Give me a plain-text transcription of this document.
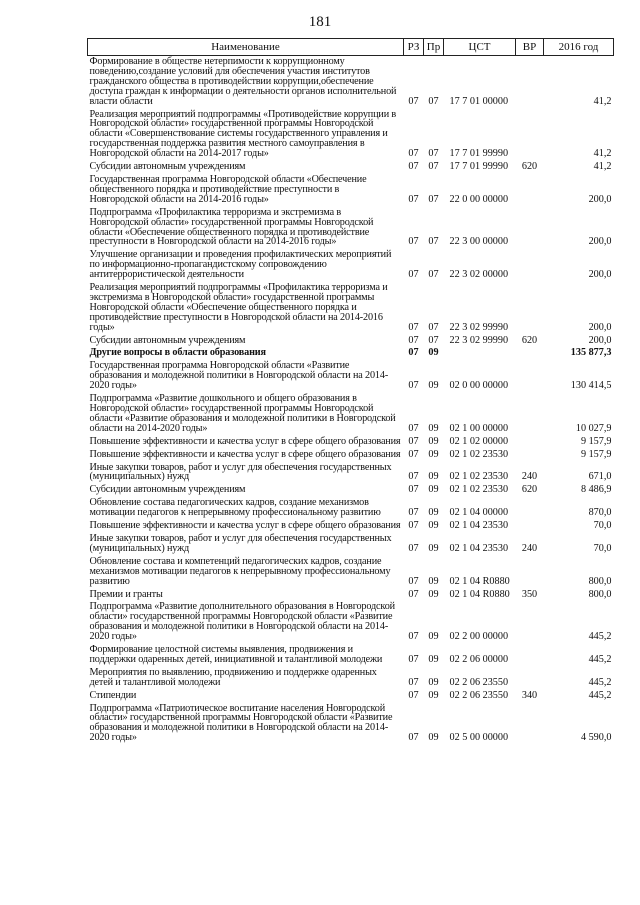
181
Наименование	РЗ	Пр	ЦСТ	ВР	2016 год
Формирование в обществе нетерпимости к коррупционному поведению,создание условий для обеспечения участия институтов гражданского общества в противодействии коррупции,обеспечение доступа граждан к информации о деятельности органов исполнительной власти области	07	07	17 7 01 00000		41,2
Реализация мероприятий подпрограммы «Противодействие коррупции в Новгородской области» государственной программы Новгородской области «Совершенствование системы государственного управления и государственная поддержка развития местного самоуправления в Новгородской области на 2014-2017 годы»	07	07	17 7 01 99990		41,2
Субсидии автономным учреждениям	07	07	17 7 01 99990	620	41,2
Государственная программа Новгородской области «Обеспечение общественного порядка и противодействие преступности в Новгородской области на 2014-2016 годы»	07	07	22 0 00 00000		200,0
Подпрограмма «Профилактика терроризма и экстремизма в Новгородской области» государственной программы Новгородской области «Обеспечение общественного порядка и противодействие преступности в Новгородской области на 2014-2016 годы»	07	07	22 3 00 00000		200,0
Улучшение организации и проведения профилактических мероприятий по информационно-пропагандистскому сопровождению антитеррористической деятельности	07	07	22 3 02 00000		200,0
Реализация мероприятий подпрограммы «Профилактика терроризма и экстремизма в Новгородской области» государственной программы Новгородской области «Обеспечение общественного порядка и противодействие преступности в Новгородской области на 2014-2016 годы»	07	07	22 3 02 99990		200,0
Субсидии автономным учреждениям	07	07	22 3 02 99990	620	200,0
Другие вопросы в области образования	07	09			135 877,3
Государственная программа Новгородской области «Развитие образования и молодежной политики в Новгородской области на 2014-2020 годы»	07	09	02 0 00 00000		130 414,5
Подпрограмма «Развитие дошкольного и общего образования в Новгородской области» государственной программы Новгородской области «Развитие образования и молодежной политики в Новгородской области на 2014-2020 годы»	07	09	02 1 00 00000		10 027,9
Повышение эффективности и качества услуг в сфере общего образования	07	09	02 1 02 00000		9 157,9
Повышение эффективности и качества услуг в сфере общего образования	07	09	02 1 02 23530		9 157,9
Иные закупки товаров, работ и услуг для обеспечения государственных (муниципальных) нужд	07	09	02 1 02 23530	240	671,0
Субсидии автономным учреждениям	07	09	02 1 02 23530	620	8 486,9
Обновление состава педагогических кадров, создание механизмов мотивации педагогов к непрерывному профессиональному развитию	07	09	02 1 04 00000		870,0
Повышение эффективности и качества услуг в сфере общего образования	07	09	02 1 04 23530		70,0
Иные закупки товаров, работ и услуг для обеспечения государственных (муниципальных) нужд	07	09	02 1 04 23530	240	70,0
Обновление состава и компетенций педагогических кадров, создание механизмов мотивации педагогов к непрерывному профессиональному развитию	07	09	02 1 04 R0880		800,0
Премии и гранты	07	09	02 1 04 R0880	350	800,0
Подпрограмма «Развитие дополнительного образования в Новгородской области» государственной программы Новгородской области «Развитие образования и молодежной политики в Новгородской области на 2014-2020 годы»	07	09	02 2 00 00000		445,2
Формирование целостной системы выявления, продвижения и поддержки одаренных детей, инициативной и талантливой молодежи	07	09	02 2 06 00000		445,2
Мероприятия по выявлению, продвижению и поддержке одаренных детей и талантливой молодежи	07	09	02 2 06 23550		445,2
Стипендии	07	09	02 2 06 23550	340	445,2
Подпрограмма «Патриотическое воспитание населения Новгородской области» государственной программы Новгородской области «Развитие образования и молодежной политики в Новгородской области на 2014-2020 годы»	07	09	02 5 00 00000		4 590,0
